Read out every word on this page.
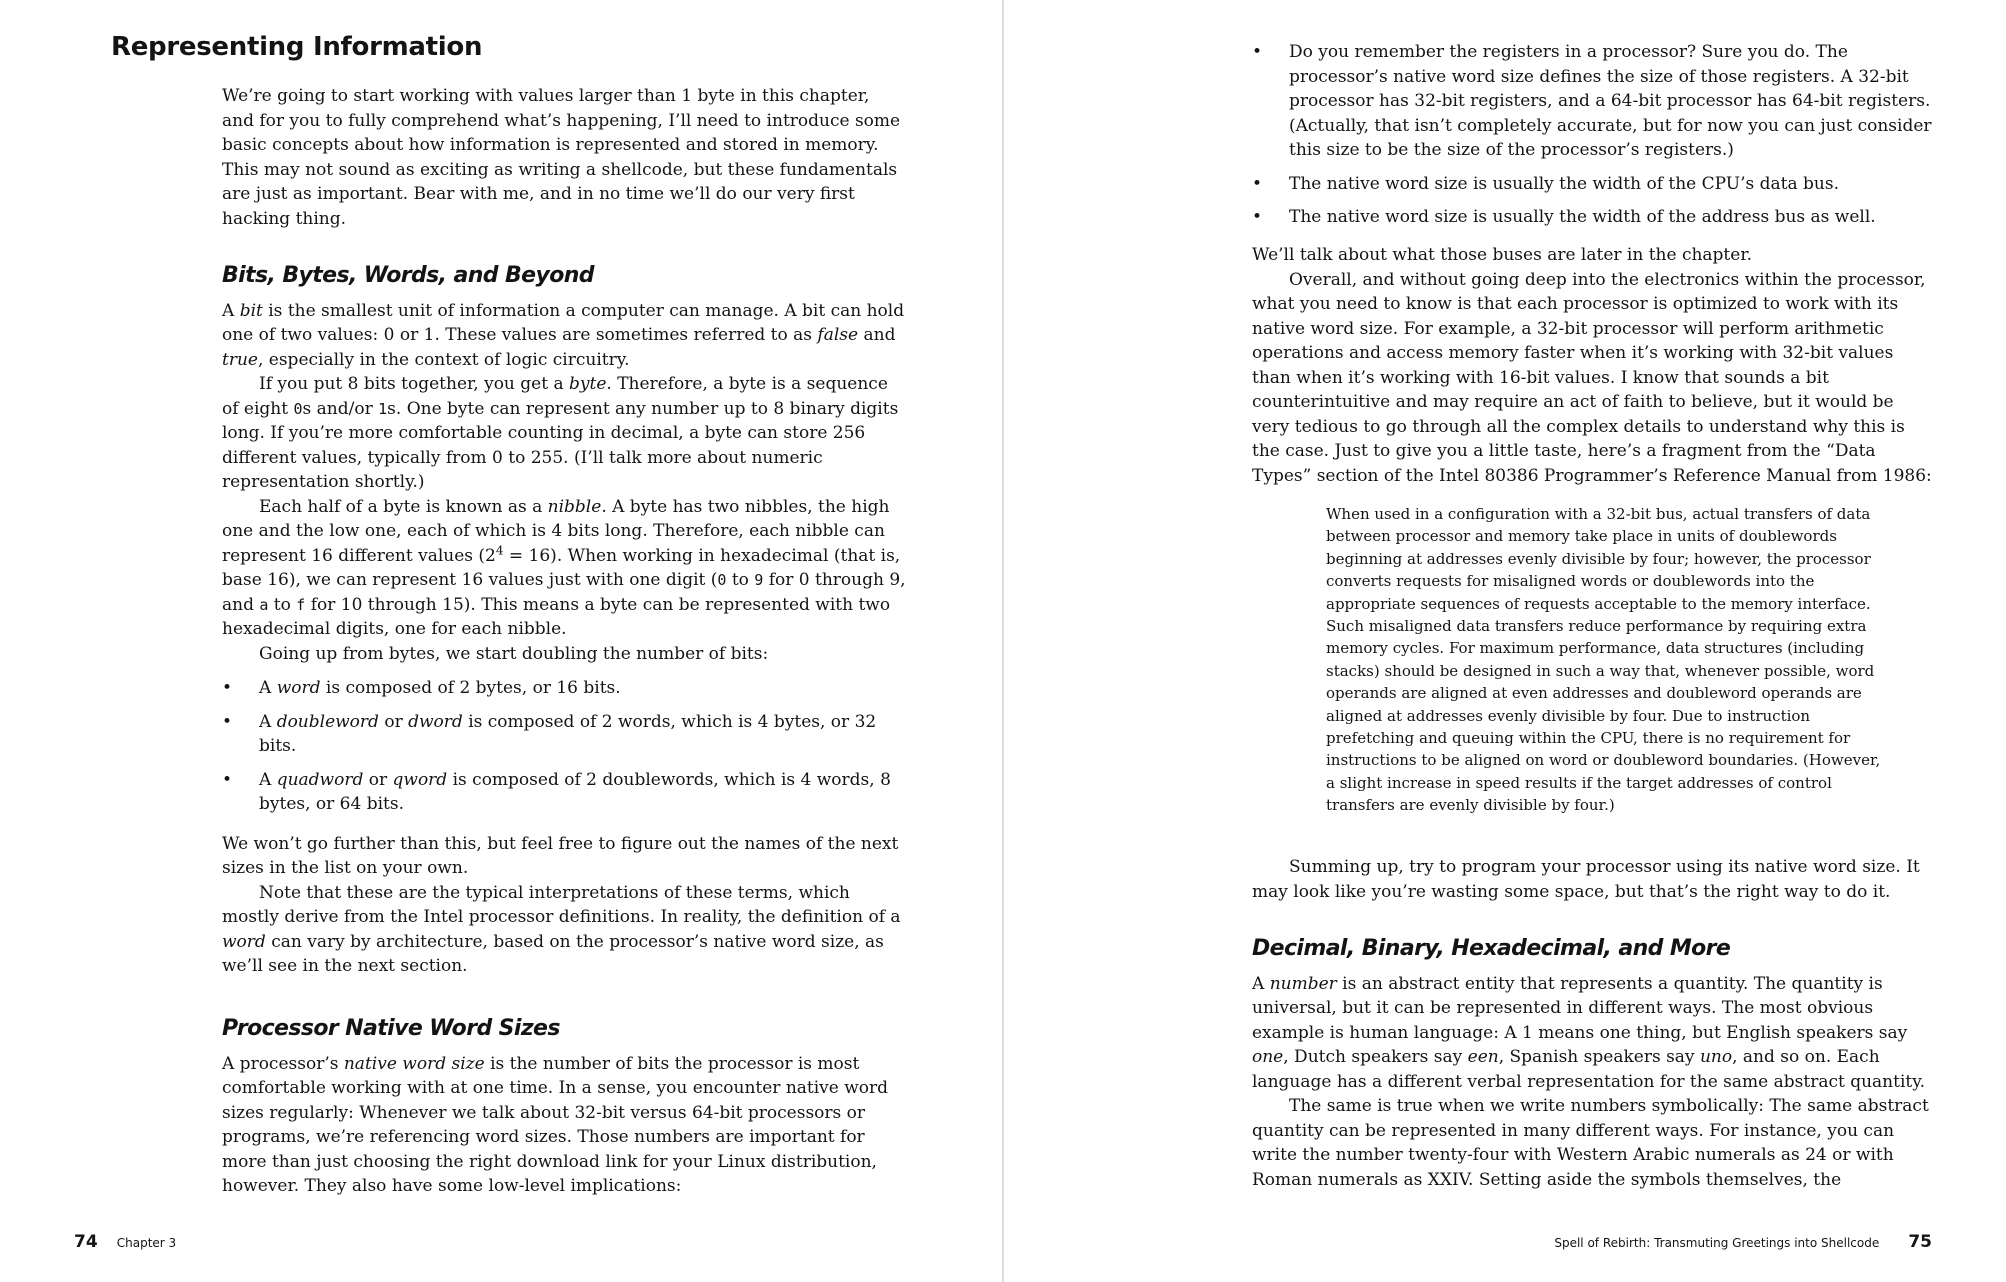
Representing Information

We’re going to start working with values larger than 1 byte in this chapter, and for you to fully comprehend what’s happening, I’ll need to introduce some basic concepts about how information is represented and stored in memory. This may not sound as exciting as writing a shellcode, but these fundamentals are just as important. Bear with me, and in no time we’ll do our very first hacking thing.

Bits, Bytes, Words, and Beyond

A bit is the smallest unit of information a computer can manage. A bit can hold one of two values: 0 or 1. These values are sometimes referred to as false and true, especially in the context of logic circuitry.

If you put 8 bits together, you get a byte. Therefore, a byte is a sequence of eight 0s and/or 1s. One byte can represent any number up to 8 binary digits long. If you’re more comfortable counting in decimal, a byte can store 256 different values, typically from 0 to 255. (I’ll talk more about numeric representation shortly.)

Each half of a byte is known as a nibble. A byte has two nibbles, the high one and the low one, each of which is 4 bits long. Therefore, each nibble can represent 16 different values $(2^4 = 16)$. When working in hexadecimal (that is, base 16), we can represent 16 values just with one digit (0 to 9 for 0 through 9, and a to f for 10 through 15). This means a byte can be represented with two hexadecimal digits, one for each nibble.

Going up from bytes, we start doubling the number of bits:

• A word is composed of 2 bytes, or 16 bits.
• A doubleword or dword is composed of 2 words, which is 4 bytes, or 32 bits.
• A quadword or qword is composed of 2 doublewords, which is 4 words, 8 bytes, or 64 bits.

We won’t go further than this, but feel free to figure out the names of the next sizes in the list on your own.

Note that these are the typical interpretations of these terms, which mostly derive from the Intel processor definitions. In reality, the definition of a word can vary by architecture, based on the processor’s native word size, as we’ll see in the next section.

Processor Native Word Sizes

A processor’s native word size is the number of bits the processor is most comfortable working with at one time. In a sense, you encounter native word sizes regularly: Whenever we talk about 32-bit versus 64-bit processors or programs, we’re referencing word sizes. Those numbers are important for more than just choosing the right download link for your Linux distribution, however. They also have some low-level implications:

74 Chapter 3
• Do you remember the registers in a processor? Sure you do. The processor’s native word size defines the size of those registers. A 32-bit processor has 32-bit registers, and a 64-bit processor has 64-bit registers. (Actually, that isn’t completely accurate, but for now you can just consider this size to be the size of the processor’s registers.)
• The native word size is usually the width of the CPU’s data bus.
• The native word size is usually the width of the address bus as well.

We’ll talk about what those buses are later in the chapter.

Overall, and without going deep into the electronics within the processor, what you need to know is that each processor is optimized to work with its native word size. For example, a 32-bit processor will perform arithmetic operations and access memory faster when it’s working with 32-bit values than when it’s working with 16-bit values. I know that sounds a bit counterintuitive and may require an act of faith to believe, but it would be very tedious to go through all the complex details to understand why this is the case. Just to give you a little taste, here’s a fragment from the “Data Types” section of the Intel 80386 Programmer’s Reference Manual from 1986:

When used in a configuration with a 32-bit bus, actual transfers of data between processor and memory take place in units of doublewords beginning at addresses evenly divisible by four; however, the processor converts requests for misaligned words or doublewords into the appropriate sequences of requests acceptable to the memory interface. Such misaligned data transfers reduce performance by requiring extra memory cycles. For maximum performance, data structures (including stacks) should be designed in such a way that, whenever possible, word operands are aligned at even addresses and doubleword operands are aligned at addresses evenly divisible by four. Due to instruction prefetching and queuing within the CPU, there is no requirement for instructions to be aligned on word or doubleword boundaries. (However, a slight increase in speed results if the target addresses of control transfers are evenly divisible by four.)

Summing up, try to program your processor using its native word size. It may look like you’re wasting some space, but that’s the right way to do it.

Decimal, Binary, Hexadecimal, and More

A number is an abstract entity that represents a quantity. The quantity is universal, but it can be represented in different ways. The most obvious example is human language: A 1 means one thing, but English speakers say one, Dutch speakers say een, Spanish speakers say uno, and so on. Each language has a different verbal representation for the same abstract quantity.

The same is true when we write numbers symbolically: The same abstract quantity can be represented in many different ways. For instance, you can write the number twenty-four with Western Arabic numerals as 24 or with Roman numerals as XXIV. Setting aside the symbols themselves, the

Spell of Rebirth: Transmuting Greetings into Shellcode 75
